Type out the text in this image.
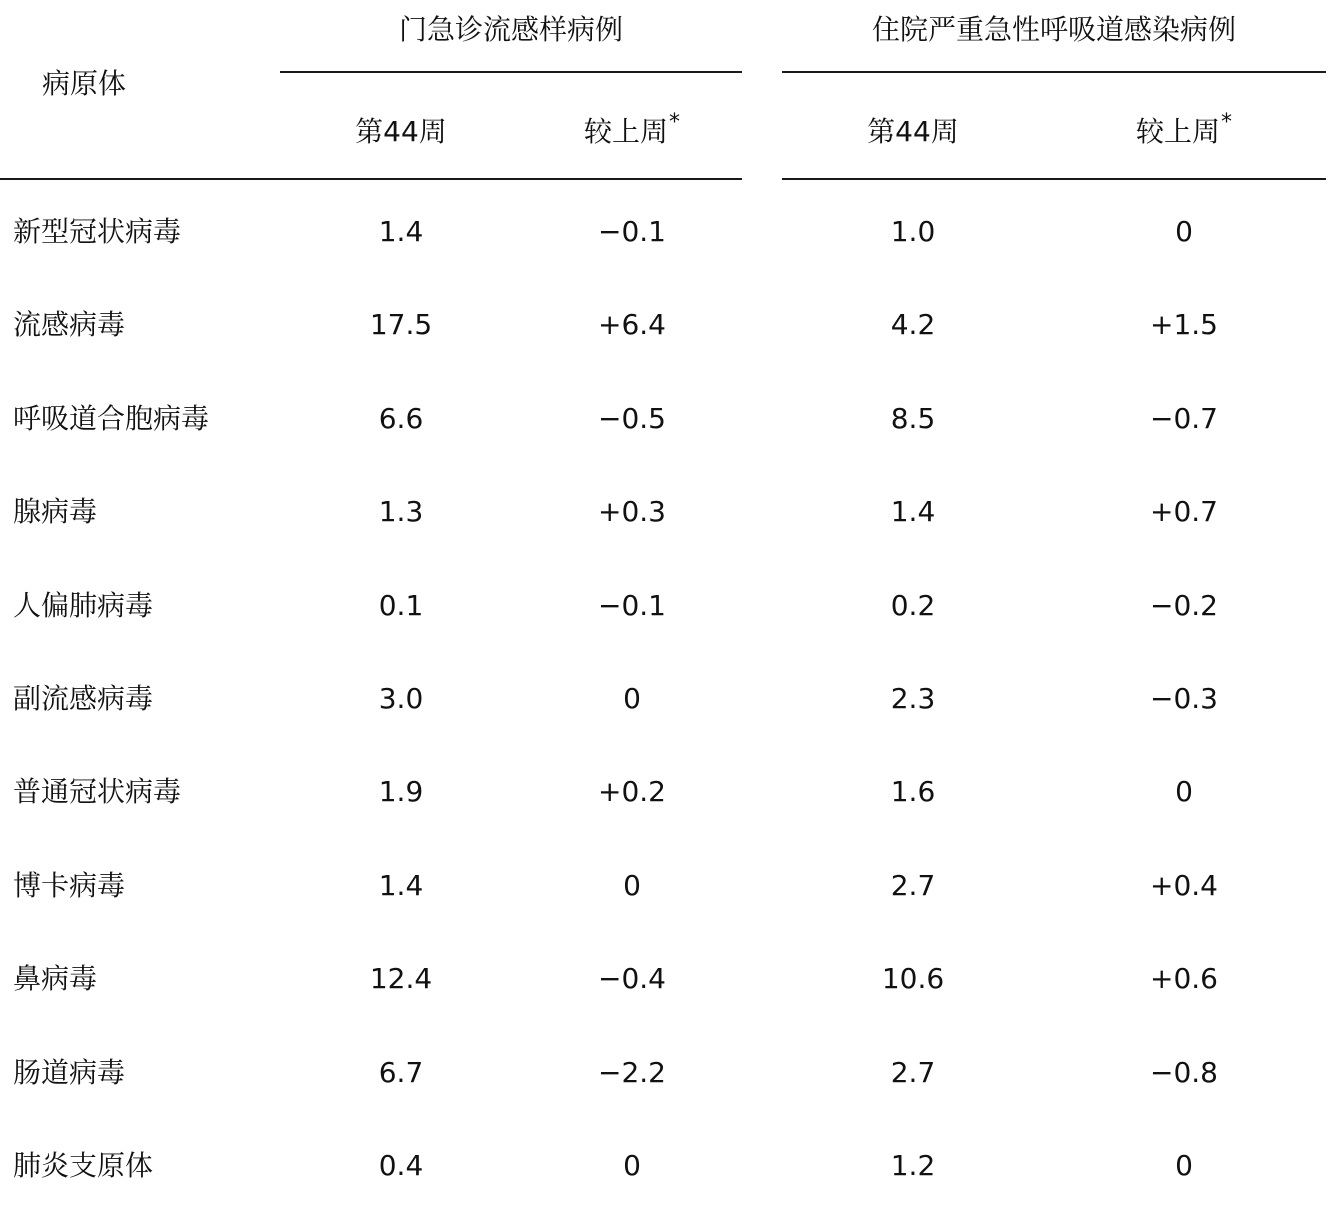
门急诊流感样病例	住院严重急性呼吸道感染病例
病原体
第44周	较上周*	第44周	较上周*
新型冠状病毒	1.4	−0.1	1.0	0
流感病毒	17.5	+6.4	4.2	+1.5
呼吸道合胞病毒	6.6	−0.5	8.5	−0.7
腺病毒	1.3	+0.3	1.4	+0.7
人偏肺病毒	0.1	−0.1	0.2	−0.2
副流感病毒	3.0	0	2.3	−0.3
普通冠状病毒	1.9	+0.2	1.6	0
博卡病毒	1.4	0	2.7	+0.4
鼻病毒	12.4	−0.4	10.6	+0.6
肠道病毒	6.7	−2.2	2.7	−0.8
肺炎支原体	0.4	0	1.2	0
